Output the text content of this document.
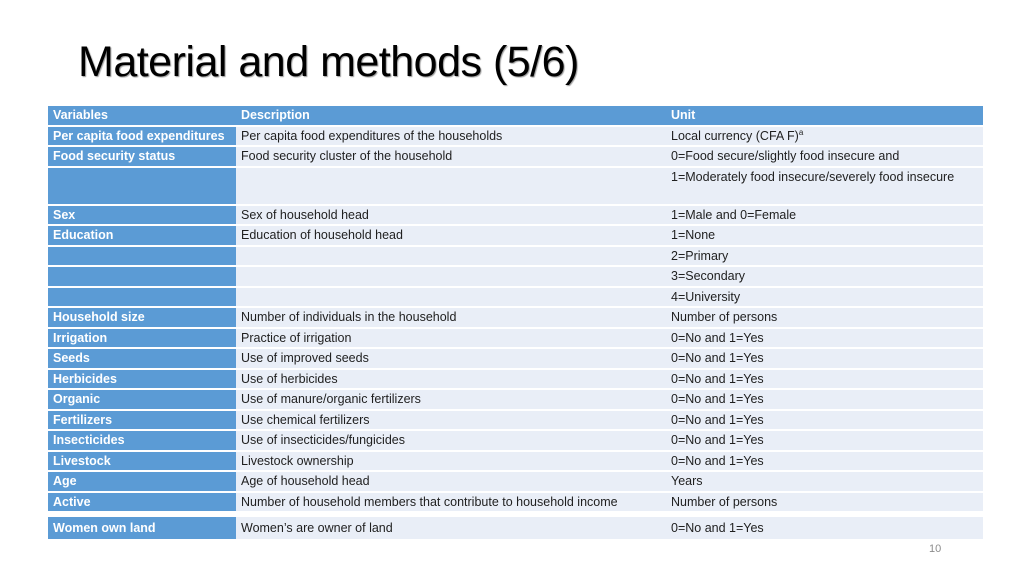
Material and methods (5/6)
Variables	Description	Unit
Per capita food expenditures	Per capita food expenditures of the households	Local currency (CFA F)$^a$
Food security status	Food security cluster of the household	0=Food secure/slightly food insecure and
		1=Moderately food insecure/severely food insecure
Sex	Sex of household head	1=Male and 0=Female
Education	Education of household head	1=None
		2=Primary
		3=Secondary
		4=University
Household size	Number of individuals in the household	Number of persons
Irrigation	Practice of irrigation	0=No and 1=Yes
Seeds	Use of improved seeds	0=No and 1=Yes
Herbicides	Use of herbicides	0=No and 1=Yes
Organic	Use of manure/organic fertilizers	0=No and 1=Yes
Fertilizers	Use chemical fertilizers	0=No and 1=Yes
Insecticides	Use of insecticides/fungicides	0=No and 1=Yes
Livestock	Livestock ownership	0=No and 1=Yes
Age	Age of household head	Years
Active	Number of household members that contribute to household income	Number of persons

Women own land	Women’s are owner of land	0=No and 1=Yes
10
